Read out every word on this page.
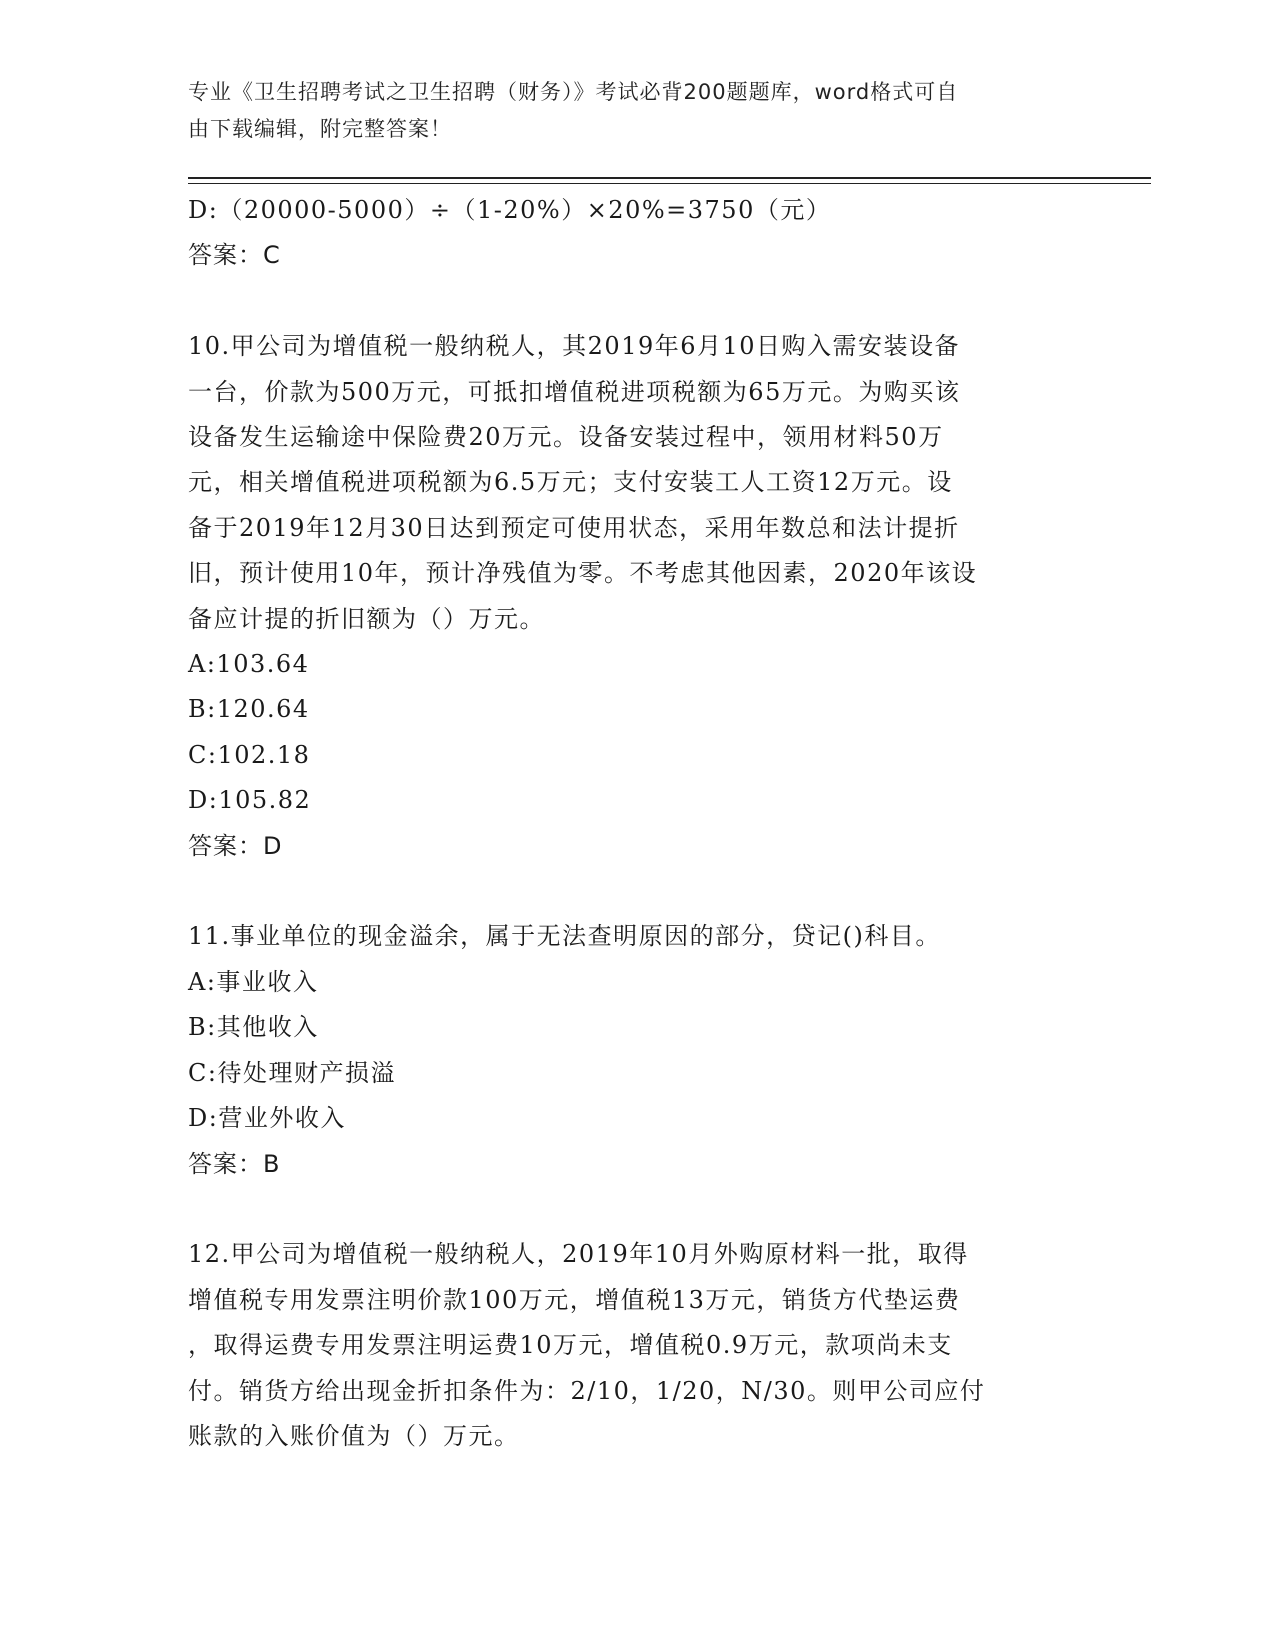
专业《卫生招聘考试之卫生招聘（财务）》考试必背200题题库，word格式可自
由下载编辑，附完整答案！
D:（20000-5000）÷（1-20%）×20%=3750（元）
答案：C
10.甲公司为增值税一般纳税人，其2019年6月10日购入需安装设备
一台，价款为500万元，可抵扣增值税进项税额为65万元。为购买该
设备发生运输途中保险费20万元。设备安装过程中，领用材料50万
元，相关增值税进项税额为6.5万元；支付安装工人工资12万元。设
备于2019年12月30日达到预定可使用状态，采用年数总和法计提折
旧，预计使用10年，预计净残值为零。不考虑其他因素，2020年该设
备应计提的折旧额为（）万元。
A:103.64
B:120.64
C:102.18
D:105.82
答案：D
11.事业单位的现金溢余，属于无法查明原因的部分，贷记()科目。
A:事业收入
B:其他收入
C:待处理财产损溢
D:营业外收入
答案：B
12.甲公司为增值税一般纳税人，2019年10月外购原材料一批，取得
增值税专用发票注明价款100万元，增值税13万元，销货方代垫运费
，取得运费专用发票注明运费10万元，增值税0.9万元，款项尚未支
付。销货方给出现金折扣条件为：2/10，1/20，N/30。则甲公司应付
账款的入账价值为（）万元。
